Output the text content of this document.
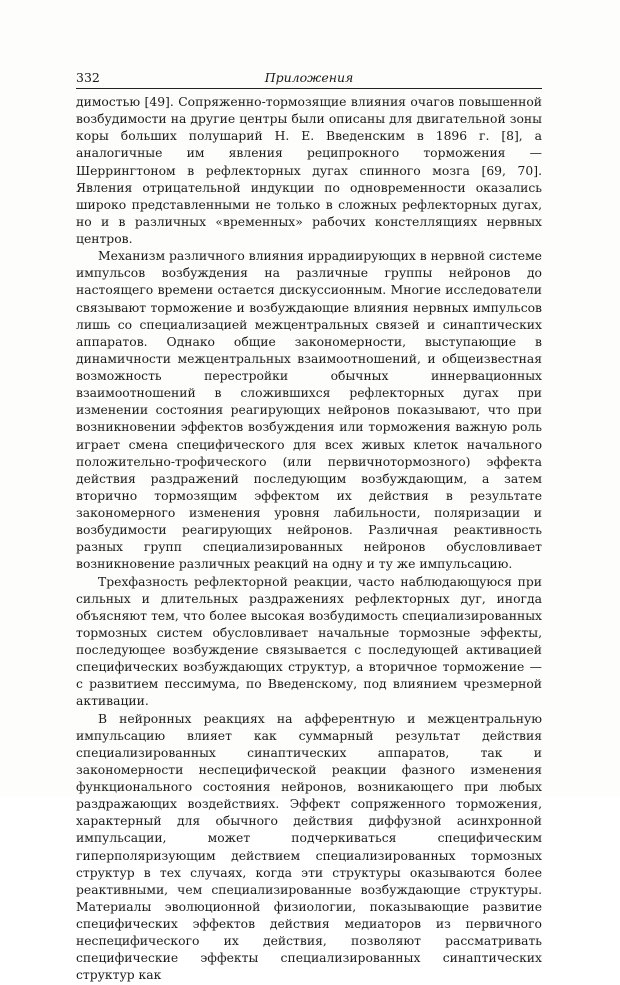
332	Приложения

димостью [49]. Сопряженно-тормозящие влияния очагов повышенной возбудимости на другие центры были описаны для двигательной зоны коры больших полушарий Н. Е. Введенским в 1896 г. [8], а аналогичные им явления реципрокного торможения — Шеррингтоном в рефлекторных дугах спинного мозга [69, 70]. Явления отрицательной индукции по одновременности оказались широко представленными не только в сложных рефлекторных дугах, но и в различных «временных» рабочих констеллящиях нервных центров.

Механизм различного влияния иррадиирующих в нервной системе импульсов возбуждения на различные группы нейронов до настоящего времени остается дискуссионным. Многие исследователи связывают торможение и возбуждающие влияния нервных импульсов лишь со специализацией межцентральных связей и синаптических аппаратов. Однако общие закономерности, выступающие в динамичности межцентральных взаимоотношений, и общеизвестная возможность перестройки обычных иннервационных взаимоотношений в сложившихся рефлекторных дугах при изменении состояния реагирующих нейронов показывают, что при возникновении эффектов возбуждения или торможения важную роль играет смена специфического для всех живых клеток начального положительно-трофического (или первичнотормозного) эффекта действия раздражений последующим возбуждающим, а затем вторично тормозящим эффектом их действия в результате закономерного изменения уровня лабильности, поляризации и возбудимости реагирующих нейронов. Различная реактивность разных групп специализированных нейронов обусловливает возникновение различных реакций на одну и ту же импульсацию.

Трехфазность рефлекторной реакции, часто наблюдающуюся при сильных и длительных раздражениях рефлекторных дуг, иногда объясняют тем, что более высокая возбудимость специализированных тормозных систем обусловливает начальные тормозные эффекты, последующее возбуждение связывается с последующей активацией специфических возбуждающих структур, а вторичное торможение — с развитием пессимума, по Введенскому, под влиянием чрезмерной активации.

В нейронных реакциях на афферентную и межцентральную импульсацию влияет как суммарный результат действия специализированных синаптических аппаратов, так и закономерности неспецифической реакции фазного изменения функционального состояния нейронов, возникающего при любых раздражающих воздействиях. Эффект сопряженного торможения, характерный для обычного действия диффузной асинхронной импульсации, может подчеркиваться специфическим гиперполяризующим действием специализированных тормозных структур в тех случаях, когда эти структуры оказываются более реактивными, чем специализированные возбуждающие структуры. Материалы эволюционной физиологии, показывающие развитие специфических эффектов действия медиаторов из первичного неспецифического их действия, позволяют рассматривать специфические эффекты специализированных синаптических структур как
